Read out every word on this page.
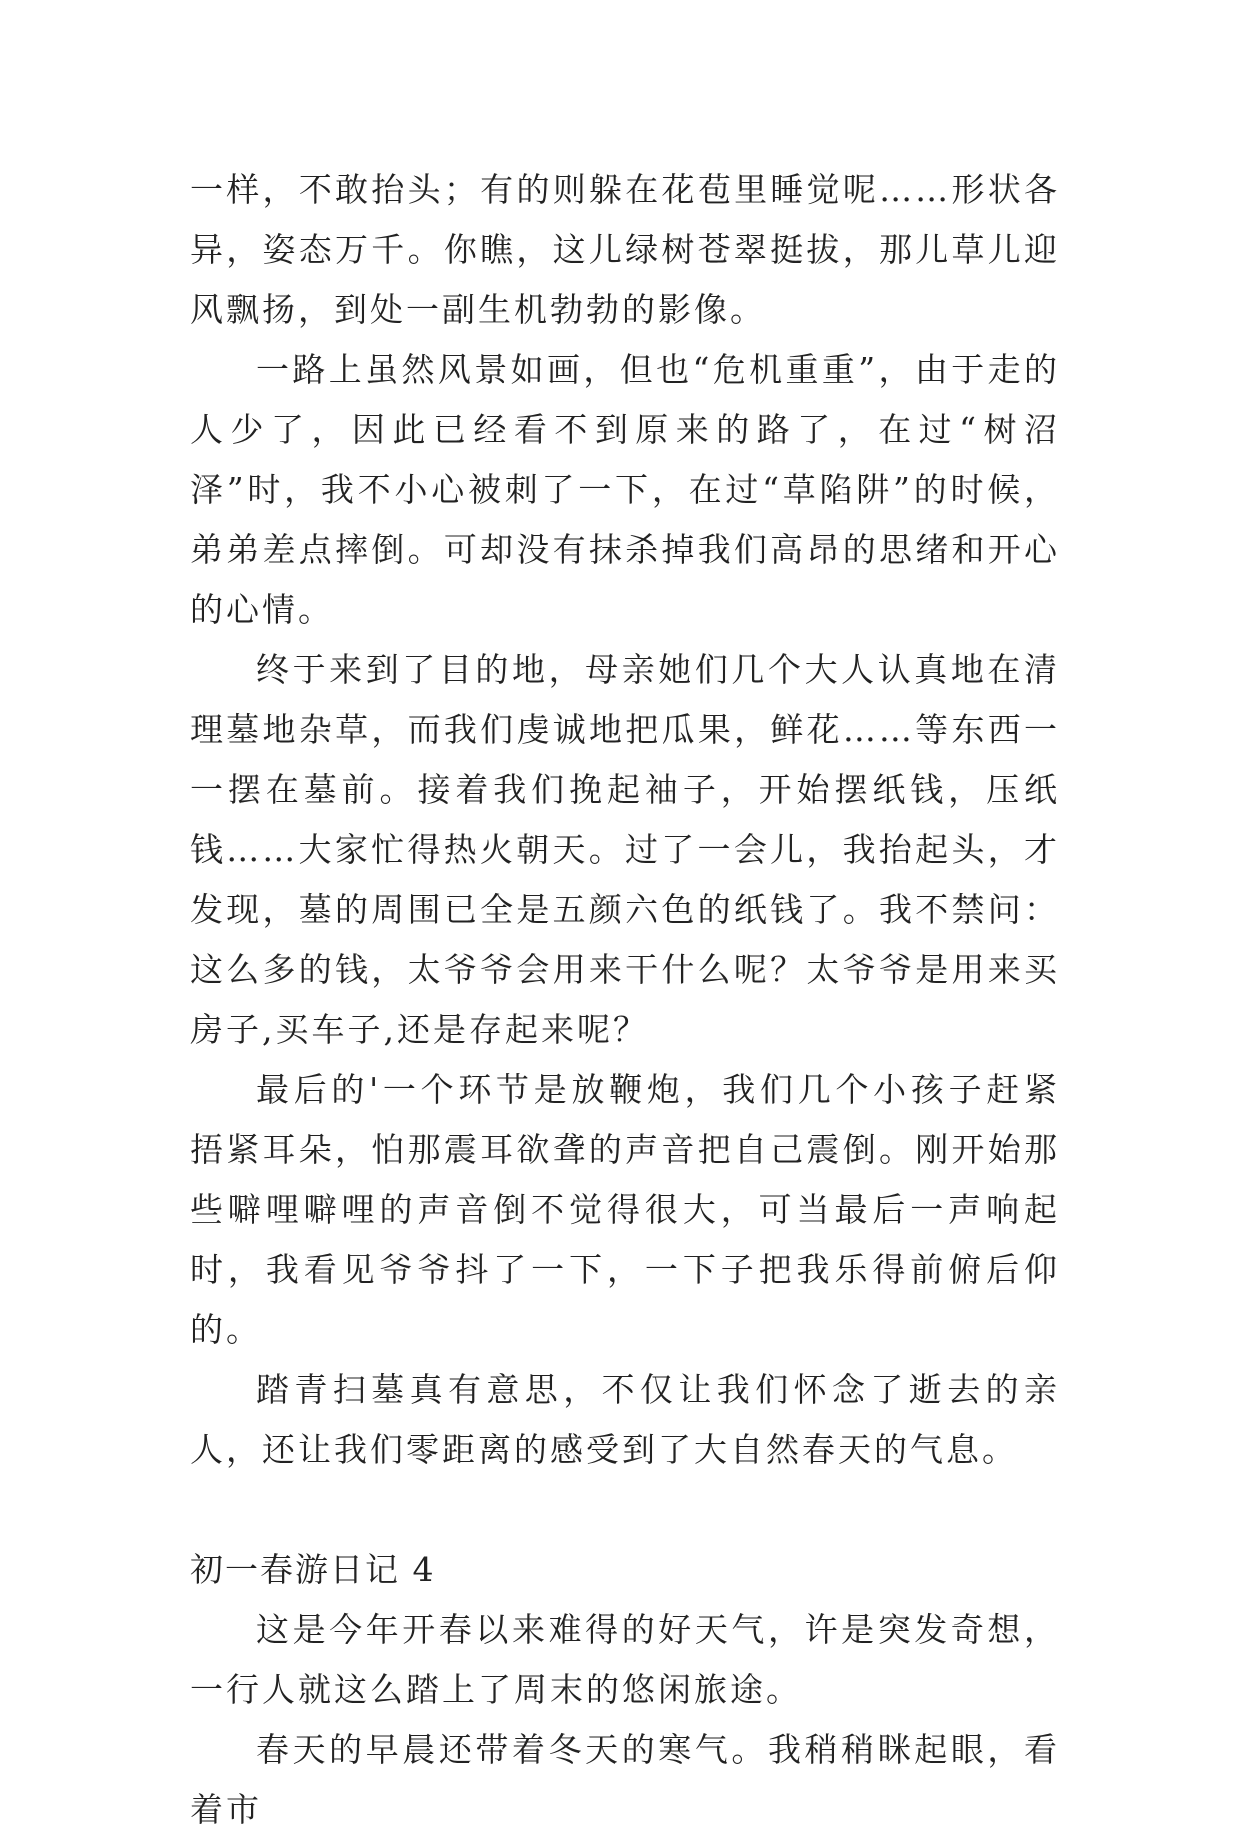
一样，不敢抬头；有的则躲在花苞里睡觉呢……形状各异，姿态万千。你瞧，这儿绿树苍翠挺拔，那儿草儿迎风飘扬，到处一副生机勃勃的影像。

一路上虽然风景如画，但也“危机重重”，由于走的人少了，因此已经看不到原来的路了，在过“树沼泽”时，我不小心被刺了一下，在过“草陷阱”的时候，弟弟差点摔倒。可却没有抹杀掉我们高昂的思绪和开心的心情。

终于来到了目的地，母亲她们几个大人认真地在清理墓地杂草，而我们虔诚地把瓜果，鲜花……等东西一一摆在墓前。接着我们挽起袖子，开始摆纸钱，压纸钱……大家忙得热火朝天。过了一会儿，我抬起头，才发现，墓的周围已全是五颜六色的纸钱了。我不禁问：这么多的钱，太爷爷会用来干什么呢？太爷爷是用来买房子,买车子,还是存起来呢？

最后的'一个环节是放鞭炮，我们几个小孩子赶紧捂紧耳朵，怕那震耳欲聋的声音把自己震倒。刚开始那些噼哩噼哩的声音倒不觉得很大，可当最后一声响起时，我看见爷爷抖了一下，一下子把我乐得前俯后仰的。

踏青扫墓真有意思，不仅让我们怀念了逝去的亲人，还让我们零距离的感受到了大自然春天的气息。

初一春游日记 4

这是今年开春以来难得的好天气，许是突发奇想，一行人就这么踏上了周末的悠闲旅途。

春天的早晨还带着冬天的寒气。我稍稍眯起眼，看着市
